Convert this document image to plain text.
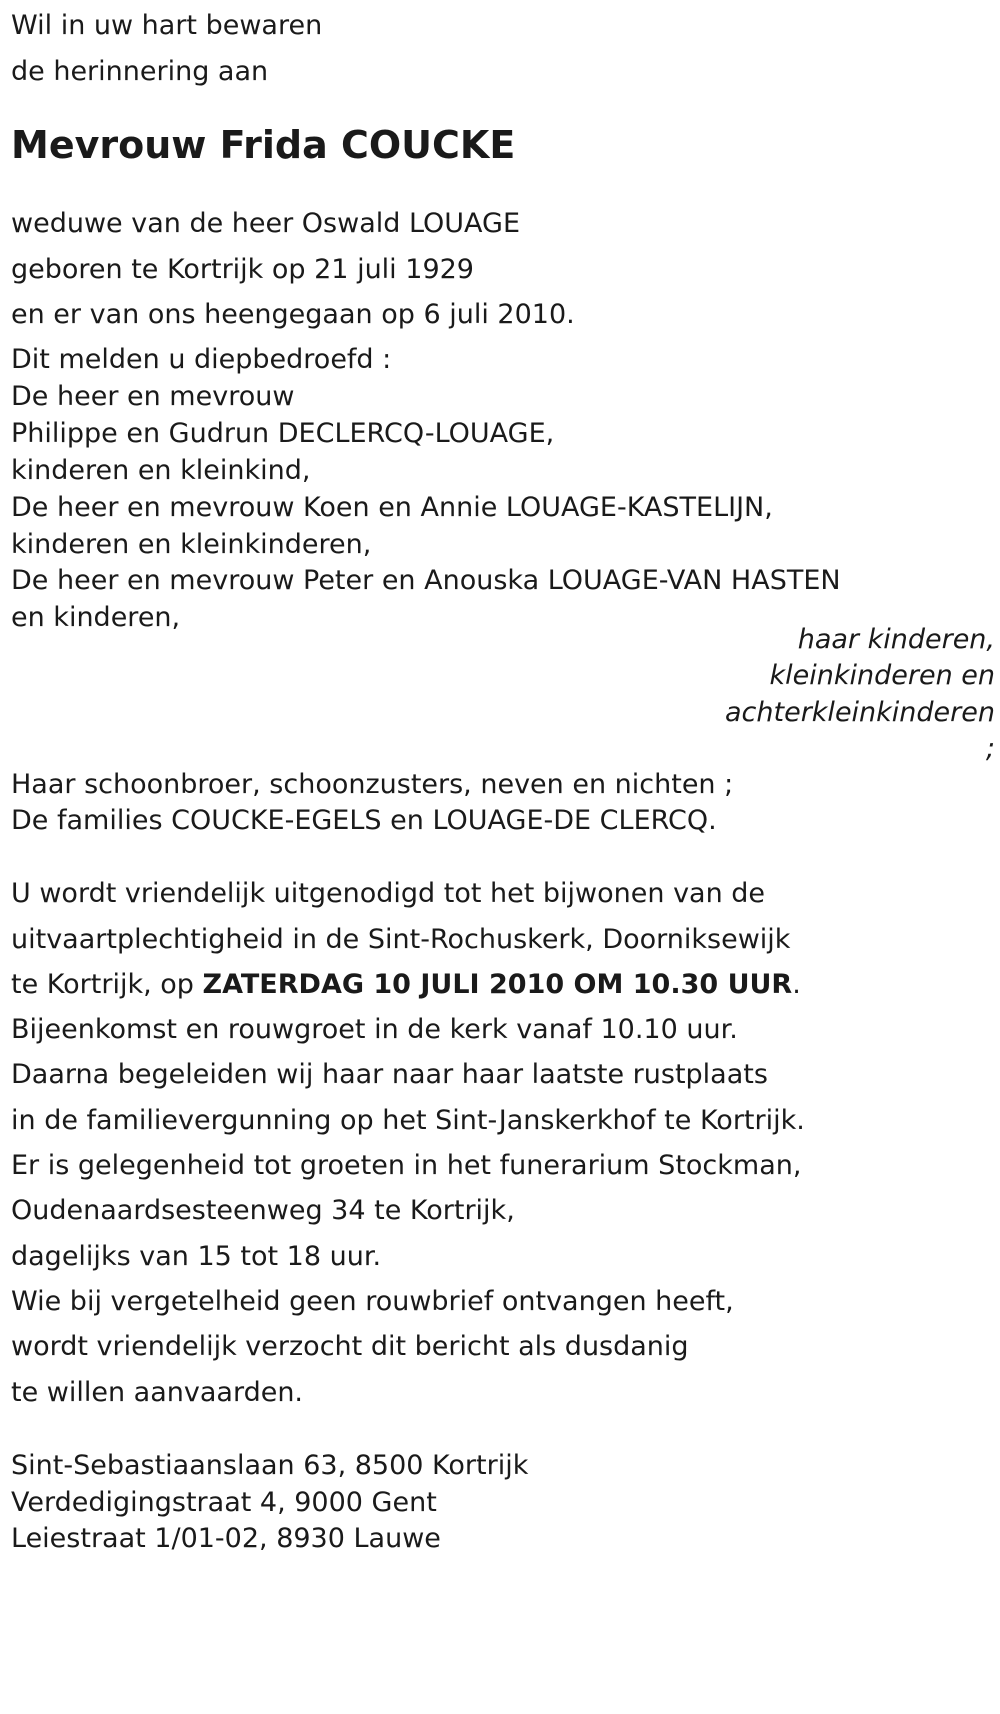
Wil in uw hart bewaren
de herinnering aan
Mevrouw Frida COUCKE
weduwe van de heer Oswald LOUAGE
geboren te Kortrijk op 21 juli 1929
en er van ons heengegaan op 6 juli 2010.
Dit melden u diepbedroefd :
De heer en mevrouw
Philippe en Gudrun DECLERCQ-LOUAGE,
kinderen en kleinkind,
De heer en mevrouw Koen en Annie LOUAGE-KASTELIJN,
kinderen en kleinkinderen,
De heer en mevrouw Peter en Anouska LOUAGE-VAN HASTEN
en kinderen,
haar kinderen,
kleinkinderen en
achterkleinkinderen
;
Haar schoonbroer, schoonzusters, neven en nichten ;
De families COUCKE-EGELS en LOUAGE-DE CLERCQ.
U wordt vriendelijk uitgenodigd tot het bijwonen van de
uitvaartplechtigheid in de Sint-Rochuskerk, Doorniksewijk
te Kortrijk, op ZATERDAG 10 JULI 2010 OM 10.30 UUR.
Bijeenkomst en rouwgroet in de kerk vanaf 10.10 uur.
Daarna begeleiden wij haar naar haar laatste rustplaats
in de familievergunning op het Sint-Janskerkhof te Kortrijk.
Er is gelegenheid tot groeten in het funerarium Stockman,
Oudenaardsesteenweg 34 te Kortrijk,
dagelijks van 15 tot 18 uur.
Wie bij vergetelheid geen rouwbrief ontvangen heeft,
wordt vriendelijk verzocht dit bericht als dusdanig
te willen aanvaarden.
Sint-Sebastiaanslaan 63, 8500 Kortrijk
Verdedigingstraat 4, 9000 Gent
Leiestraat 1/01-02, 8930 Lauwe
